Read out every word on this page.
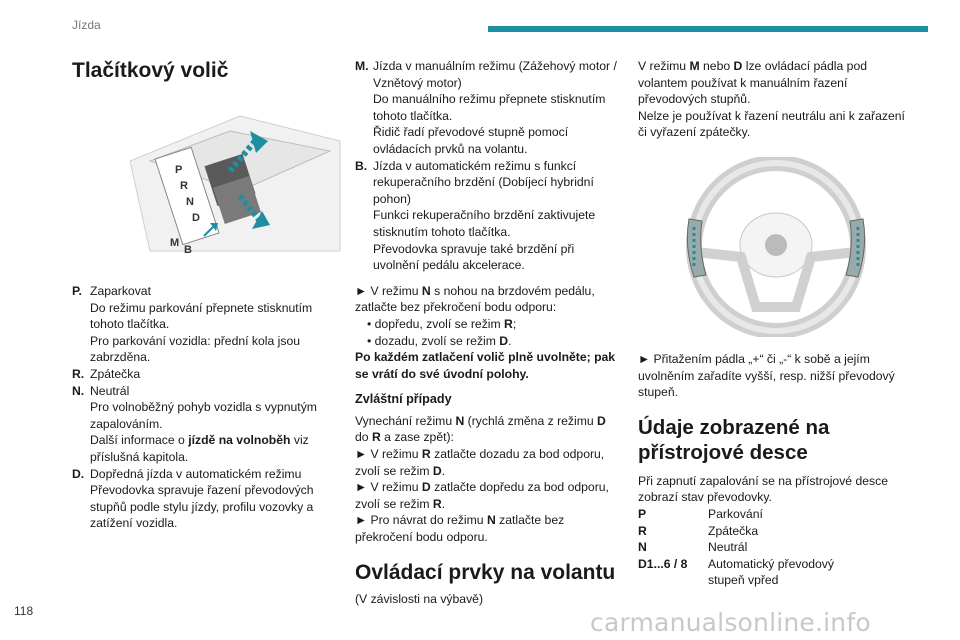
Jízda
Tlačítkový volič
P
R
N
D
M
B
P. Zaparkovat
Do režimu parkování přepnete stisknutím tohoto tlačítka.
Pro parkování vozidla: přední kola jsou zabrzděna.
R. Zpátečka
N. Neutrál
Pro volnoběžný pohyb vozidla s vypnutým zapalováním.
Další informace o jízdě na volnoběh viz příslušná kapitola.
D. Dopředná jízda v automatickém režimu
Převodovka spravuje řazení převodových stupňů podle stylu jízdy, profilu vozovky a zatížení vozidla.
M. Jízda v manuálním režimu (Zážehový motor / Vznětový motor)
Do manuálního režimu přepnete stisknutím tohoto tlačítka.
Řidič řadí převodové stupně pomocí ovládacích prvků na volantu.
B. Jízda v automatickém režimu s funkcí rekuperačního brzdění (Dobíjecí hybridní pohon)
Funkci rekuperačního brzdění zaktivujete stisknutím tohoto tlačítka.
Převodovka spravuje také brzdění při uvolnění pedálu akcelerace.

► V režimu N s nohou na brzdovém pedálu, zatlačte bez překročení bodu odporu:

• dopředu, zvolí se režim R;

• dozadu, zvolí se režim D.

Po každém zatlačení volič plně uvolněte; pak se vrátí do své úvodní polohy.

Zvláštní případy

Vynechání režimu N (rychlá změna z režimu D do R a zase zpět):

► V režimu R zatlačte dozadu za bod odporu, zvolí se režim D.

► V režimu D zatlačte dopředu za bod odporu, zvolí se režim R.

► Pro návrat do režimu N zatlačte bez překročení bodu odporu.

Ovládací prvky na volantu

(V závislosti na výbavě)

V režimu M nebo D lze ovládací pádla pod volantem používat k manuálním řazení převodových stupňů.

Nelze je používat k řazení neutrálu ani k zařazení či vyřazení zpátečky.

► Přitažením pádla „+“ či „-“ k sobě a jejím uvolněním zařadíte vyšší, resp. nižší převodový stupeň.

Údaje zobrazené na přístrojové desce

Při zapnutí zapalování se na přístrojové desce zobrazí stav převodovky.

P	Parkování
R	Zpátečka
N	Neutrál
D1...6 / 8	Automatický převodový stupeň vpřed
118	carmanualsonline.info
